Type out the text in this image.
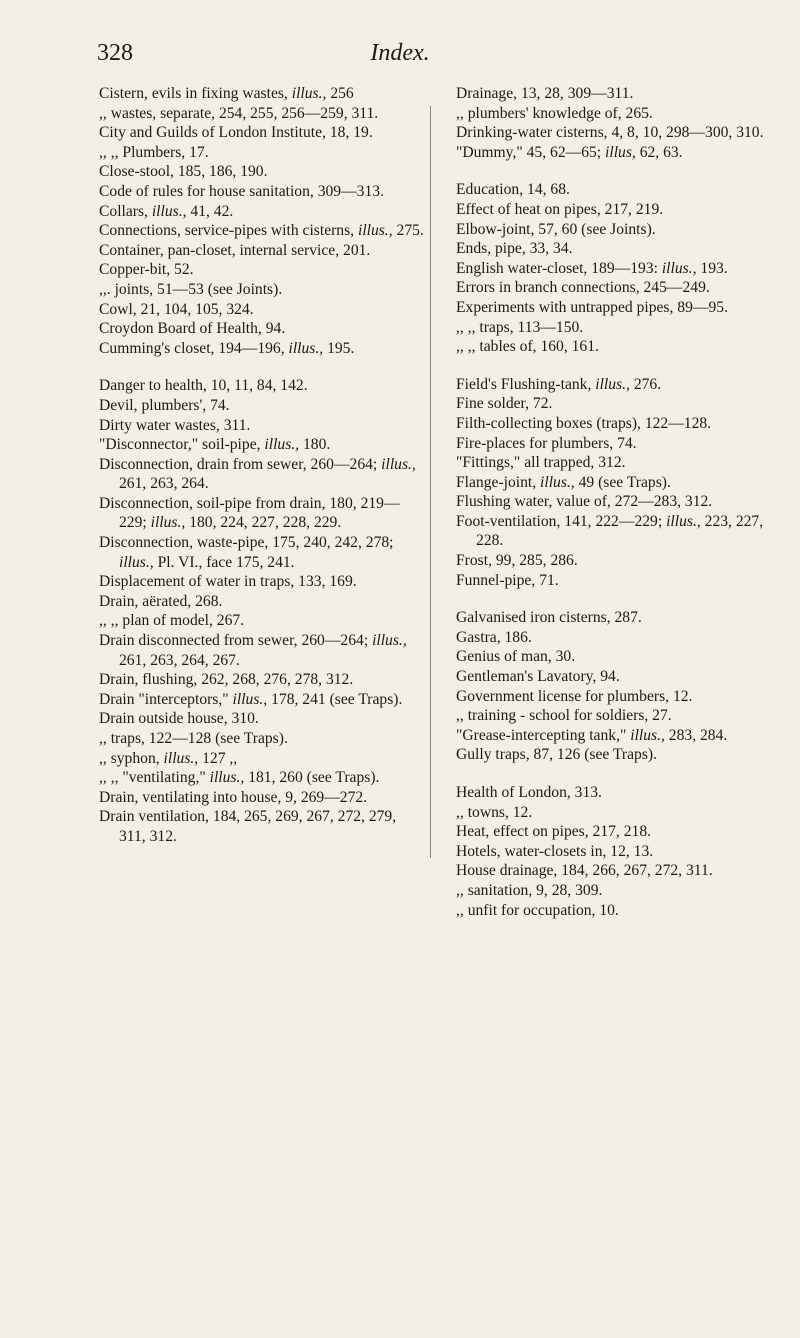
328	Index.
Cistern, evils in fixing wastes, illus., 256
,, wastes, separate, 254, 255, 256—259, 311.
City and Guilds of London Institute, 18, 19.
,, ,, Plumbers, 17.
Close-stool, 185, 186, 190.
Code of rules for house sanitation, 309—313.
Collars, illus., 41, 42.
Connections, service-pipes with cisterns, illus., 275.
Container, pan-closet, internal service, 201.
Copper-bit, 52.
,,. joints, 51—53 (see Joints).
Cowl, 21, 104, 105, 324.
Croydon Board of Health, 94.
Cumming's closet, 194—196, illus., 195.
Danger to health, 10, 11, 84, 142.
Devil, plumbers', 74.
Dirty water wastes, 311.
"Disconnector," soil-pipe, illus., 180.
Disconnection, drain from sewer, 260—264; illus., 261, 263, 264.
Disconnection, soil-pipe from drain, 180, 219—229; illus., 180, 224, 227, 228, 229.
Disconnection, waste-pipe, 175, 240, 242, 278; illus., Pl. VI., face 175, 241.
Displacement of water in traps, 133, 169.
Drain, aërated, 268.
,, ,, plan of model, 267.
Drain disconnected from sewer, 260—264; illus., 261, 263, 264, 267.
Drain, flushing, 262, 268, 276, 278, 312.
Drain "interceptors," illus., 178, 241 (see Traps).
Drain outside house, 310.
,, traps, 122—128 (see Traps).
,, syphon, illus., 127 ,,
,, ,, "ventilating," illus., 181, 260 (see Traps).
Drain, ventilating into house, 9, 269—272.
Drain ventilation, 184, 265, 269, 267, 272, 279, 311, 312.
Drainage, 13, 28, 309—311.
,, plumbers' knowledge of, 265.
Drinking-water cisterns, 4, 8, 10, 298—300, 310.
"Dummy," 45, 62—65; illus, 62, 63.
Education, 14, 68.
Effect of heat on pipes, 217, 219.
Elbow-joint, 57, 60 (see Joints).
Ends, pipe, 33, 34.
English water-closet, 189—193: illus., 193.
Errors in branch connections, 245—249.
Experiments with untrapped pipes, 89—95.
,, ,, traps, 113—150.
,, ,, tables of, 160, 161.
Field's Flushing-tank, illus., 276.
Fine solder, 72.
Filth-collecting boxes (traps), 122—128.
Fire-places for plumbers, 74.
"Fittings," all trapped, 312.
Flange-joint, illus., 49 (see Traps).
Flushing water, value of, 272—283, 312.
Foot-ventilation, 141, 222—229; illus., 223, 227, 228.
Frost, 99, 285, 286.
Funnel-pipe, 71.
Galvanised iron cisterns, 287.
Gastra, 186.
Genius of man, 30.
Gentleman's Lavatory, 94.
Government license for plumbers, 12.
,, training - school for soldiers, 27.
"Grease-intercepting tank," illus., 283, 284.
Gully traps, 87, 126 (see Traps).
Health of London, 313.
,, towns, 12.
Heat, effect on pipes, 217, 218.
Hotels, water-closets in, 12, 13.
House drainage, 184, 266, 267, 272, 311.
,, sanitation, 9, 28, 309.
,, unfit for occupation, 10.
